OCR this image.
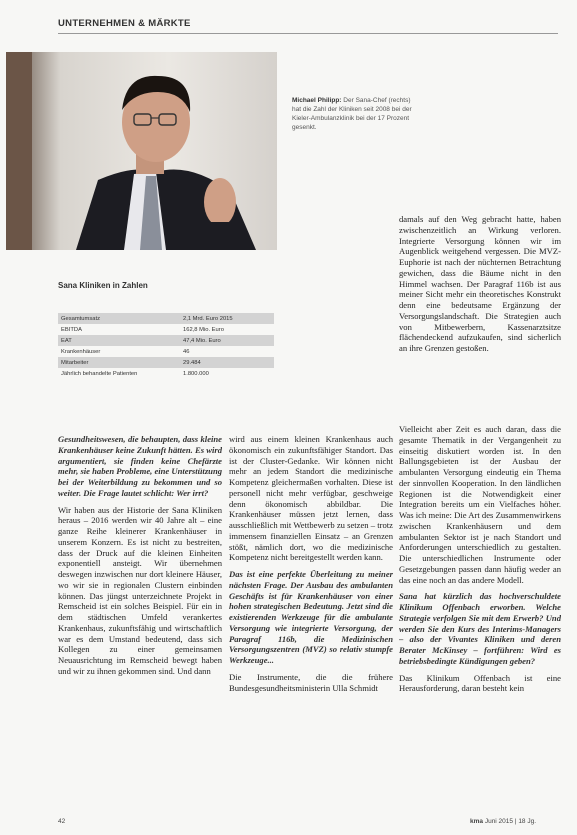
UNTERNEHMEN & MÄRKTE
Michael Philipp: Der Sana-Chef (rechts) hat die Zahl der Kliniken seit 2008 bei der Kieler-Ambulanzklinik bei der 17 Prozent gesenkt.
Sana Kliniken in Zahlen
Gesamtumsatz	2,1 Mrd. Euro 2015
EBITDA	162,8 Mio. Euro
EAT	47,4 Mio. Euro
Krankenhäuser	46
Mitarbeiter	29.484
Jährlich behandelte Patienten	1.800.000

damals auf den Weg gebracht hatte, haben zwischenzeitlich an Wirkung verloren. Integrierte Versorgung können wir im Augenblick weitgehend vergessen. Die MVZ-Euphorie ist nach der nüchternen Betrachtung gewichen, dass die Bäume nicht in den Himmel wachsen. Der Paragraf 116b ist aus meiner Sicht mehr ein theoretisches Konstrukt denn eine bedeutsame Ergänzung der Versorgungslandschaft. Die Strategien auch von Mitbewerbern, Kassenarztsitze flächendeckend aufzukaufen, sind sicherlich an ihre Grenzen gestoßen.

Gesundheitswesen, die behaupten, dass kleine Krankenhäuser keine Zukunft hätten. Es wird argumentiert, sie finden keine Chefärzte mehr, sie haben Probleme, eine Unterstützung bei der Weiterbildung zu bekommen und so weiter. Die Frage lautet schlicht: Wer irrt?

Wir haben aus der Historie der Sana Kliniken heraus – 2016 werden wir 40 Jahre alt – eine ganze Reihe kleinerer Krankenhäuser in unserem Konzern. Es ist nicht zu bestreiten, dass der Druck auf die kleinen Einheiten exponentiell ansteigt. Wir übernehmen deswegen inzwischen nur dort kleinere Häuser, wo wir sie in regionalen Clustern einbinden können. Das jüngst unterzeichnete Projekt in Remscheid ist ein solches Beispiel. Für ein in dem städtischen Umfeld verankertes Krankenhaus, zukunftsfähig und wirtschaftlich war es dem Umstand bedeutend, dass sich Kollegen zu einer gemeinsamen Neuausrichtung im Remscheid bewegt haben und wir zu ihnen gekommen sind. Und dann

wird aus einem kleinen Krankenhaus auch ökonomisch ein zukunftsfähiger Standort. Das ist der Cluster-Gedanke. Wir können nicht mehr an jedem Standort die medizinische Kompetenz gleichermaßen vorhalten. Diese ist personell nicht mehr verfügbar, geschweige denn ökonomisch abbildbar. Die Krankenhäuser müssen jetzt lernen, dass ausschließlich mit Wettbewerb zu setzen – trotz immensem finanziellen Einsatz – an Grenzen stößt, nämlich dort, wo die medizinische Kompetenz nicht bereitgestellt werden kann.

Das ist eine perfekte Überleitung zu meiner nächsten Frage. Der Ausbau des ambulanten Geschäfts ist für Krankenhäuser von einer hohen strategischen Bedeutung. Jetzt sind die existierenden Werkzeuge für die ambulante Versorgung wie integrierte Versorgung, der Paragraf 116b, die Medizinischen Versorgungszentren (MVZ) so relativ stumpfe Werkzeuge...

Die Instrumente, die die frühere Bundesgesundheitsministerin Ulla Schmidt

Vielleicht aber Zeit es auch daran, dass die gesamte Thematik in der Vergangenheit zu einseitig diskutiert worden ist. In den Ballungsgebieten ist der Ausbau der ambulanten Versorgung eindeutig ein Thema der sinnvollen Kooperation. In den ländlichen Regionen ist die Notwendigkeit einer Integration bereits um ein Vielfaches höher. Was ich meine: Die Art des Zusammenwirkens zwischen Krankenhäusern und dem ambulanten Sektor ist je nach Standort und Anforderungen unterschiedlich zu gestalten. Die unterschiedlichen Instrumente oder Gesetzgebungen passen dann häufig weder an das eine noch an das andere Modell.

Sana hat kürzlich das hochverschuldete Klinikum Offenbach erworben. Welche Strategie verfolgen Sie mit dem Erwerb? Und werden Sie den Kurs des Interims-Managers – also der Vivantes Kliniken und deren Berater McKinsey – fortführen: Wird es betriebsbedingte Kündigungen geben?

Das Klinikum Offenbach ist eine Herausforderung, daran besteht kein

42	kma Juni 2015 | 18 Jg.
